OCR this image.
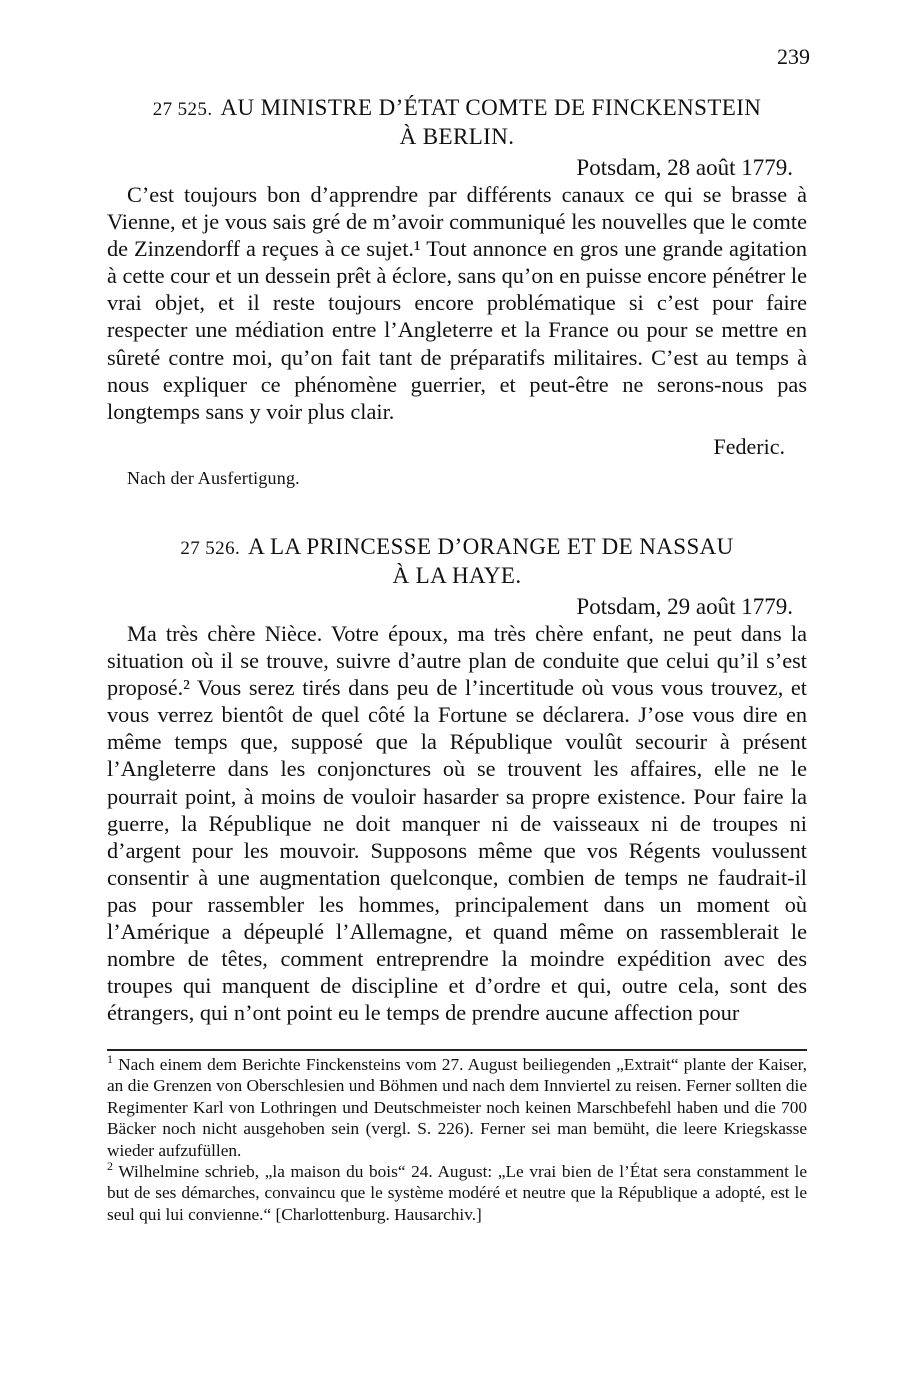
239
27 525. AU MINISTRE D’ÉTAT COMTE DE FINCKENSTEIN
À BERLIN.
Potsdam, 28 août 1779.

C’est toujours bon d’apprendre par différents canaux ce qui se brasse à Vienne, et je vous sais gré de m’avoir communiqué les nouvelles que le comte de Zinzendorff a reçues à ce sujet.¹ Tout annonce en gros une grande agitation à cette cour et un dessein prêt à éclore, sans qu’on en puisse encore pénétrer le vrai objet, et il reste toujours encore problématique si c’est pour faire respecter une médiation entre l’Angleterre et la France ou pour se mettre en sûreté contre moi, qu’on fait tant de préparatifs militaires. C’est au temps à nous expliquer ce phénomène guerrier, et peut-être ne serons-nous pas longtemps sans y voir plus clair.

Federic.
Nach der Ausfertigung.
27 526. A LA PRINCESSE D’ORANGE ET DE NASSAU
À LA HAYE.
Potsdam, 29 août 1779.

Ma très chère Nièce. Votre époux, ma très chère enfant, ne peut dans la situation où il se trouve, suivre d’autre plan de conduite que celui qu’il s’est proposé.² Vous serez tirés dans peu de l’incertitude où vous vous trouvez, et vous verrez bientôt de quel côté la Fortune se déclarera. J’ose vous dire en même temps que, supposé que la République voulût secourir à présent l’Angleterre dans les conjonctures où se trouvent les affaires, elle ne le pourrait point, à moins de vouloir hasarder sa propre existence. Pour faire la guerre, la République ne doit manquer ni de vaisseaux ni de troupes ni d’argent pour les mouvoir. Supposons même que vos Régents voulussent consentir à une augmentation quelconque, combien de temps ne faudrait-il pas pour rassembler les hommes, principalement dans un moment où l’Amérique a dépeuplé l’Allemagne, et quand même on rassemblerait le nombre de têtes, comment entreprendre la moindre expédition avec des troupes qui manquent de discipline et d’ordre et qui, outre cela, sont des étrangers, qui n’ont point eu le temps de prendre aucune affection pour

$^1$ Nach einem dem Berichte Finckensteins vom 27. August beiliegenden „Extrait“ plante der Kaiser, an die Grenzen von Oberschlesien und Böhmen und nach dem Innviertel zu reisen. Ferner sollten die Regimenter Karl von Lothringen und Deutschmeister noch keinen Marschbefehl haben und die 700 Bäcker noch nicht ausgehoben sein (vergl. S. 226). Ferner sei man bemüht, die leere Kriegskasse wieder aufzufüllen.

$^2$ Wilhelmine schrieb, „la maison du bois“ 24. August: „Le vrai bien de l’État sera constamment le but de ses démarches, convaincu que le système modéré et neutre que la République a adopté, est le seul qui lui convienne.“ [Charlottenburg. Hausarchiv.]
